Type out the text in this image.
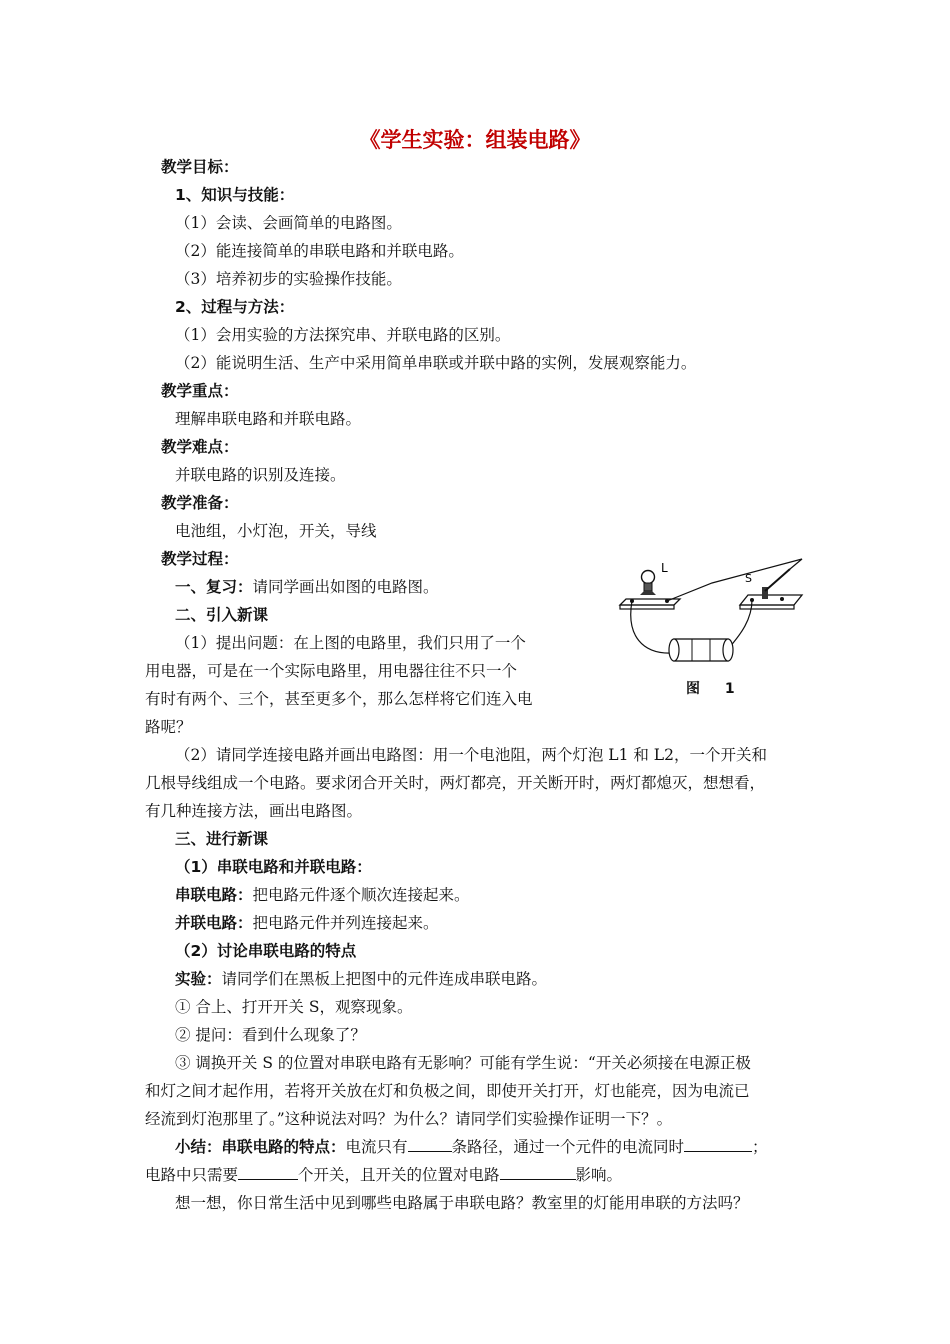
《学生实验：组装电路》
教学目标：
1、知识与技能：
（1）会读、会画简单的电路图。
（2）能连接简单的串联电路和并联电路。
（3）培养初步的实验操作技能。
2、过程与方法：
（1）会用实验的方法探究串、并联电路的区别。
（2）能说明生活、生产中采用简单串联或并联中路的实例，发展观察能力。
教学重点：
理解串联电路和并联电路。
教学难点：
并联电路的识别及连接。
教学准备：
电池组，小灯泡，开关，导线
教学过程：
一、复习：请同学画出如图的电路图。
二、引入新课
（1）提出问题：在上图的电路里，我们只用了一个
用电器，可是在一个实际电路里，用电器往往不只一个
有时有两个、三个，甚至更多个，那么怎样将它们连入电
路呢？
（2）请同学连接电路并画出电路图：用一个电池阻，两个灯泡 L1 和 L2，一个开关和
几根导线组成一个电路。要求闭合开关时，两灯都亮，开关断开时，两灯都熄灭，想想看，
有几种连接方法，画出电路图。
三、进行新课
（1）串联电路和并联电路：
串联电路：把电路元件逐个顺次连接起来。
并联电路：把电路元件并列连接起来。
（2）讨论串联电路的特点
实验：请同学们在黑板上把图中的元件连成串联电路。
① 合上、打开开关 S，观察现象。
② 提问：看到什么现象了？
③ 调换开关 S 的位置对串联电路有无影响？可能有学生说：“开关必须接在电源正极
和灯之间才起作用，若将开关放在灯和负极之间，即使开关打开，灯也能亮，因为电流已
经流到灯泡那里了。”这种说法对吗？为什么？请同学们实验操作证明一下？。
小结：串联电路的特点：电流只有	条路径，通过一个元件的电流同时	；
电路中只需要	个开关，且开关的位置对电路	影响。
想一想，你日常生活中见到哪些电路属于串联电路？教室里的灯能用串联的方法吗？
L
S
图 1
